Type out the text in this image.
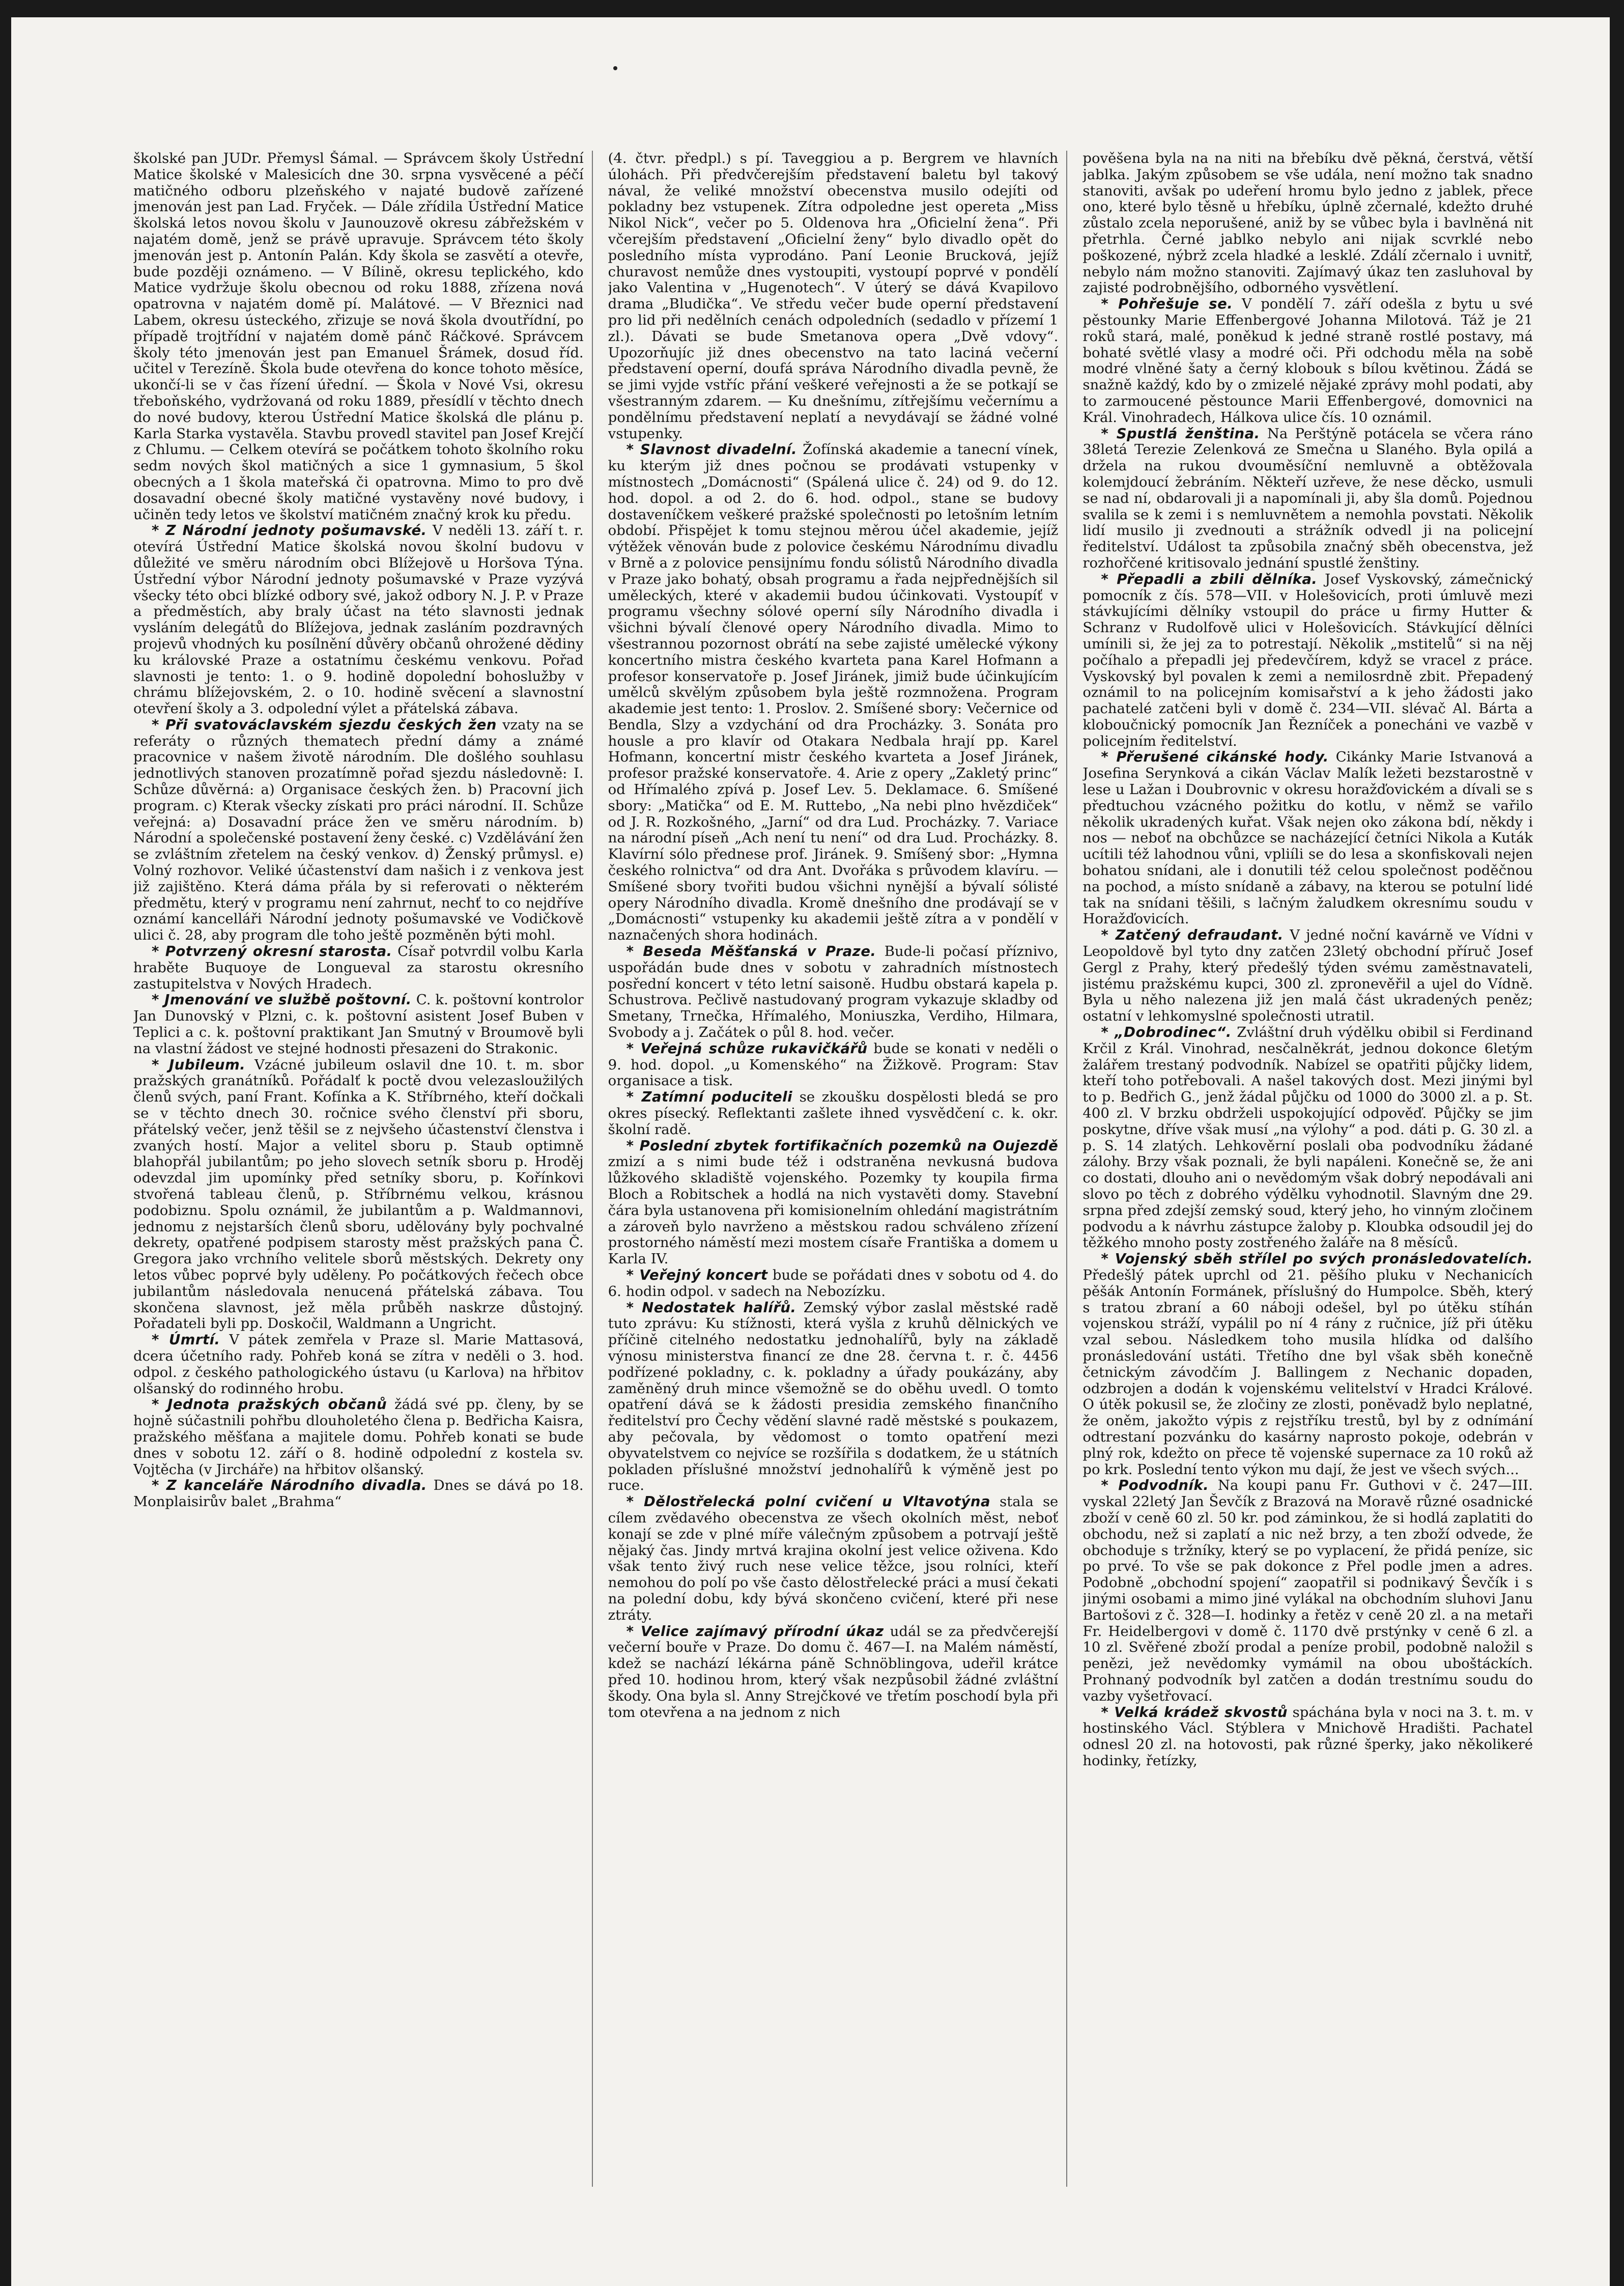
školské pan JUDr. Přemysl Šámal. — Správcem školy Ústřední Matice školské v Malesicích dne 30. srpna vysvěcené a péčí matičného odboru plzeňského v najaté budově zařízené jmenován jest pan Lad. Fryček. — Dále zřídila Ústřední Matice školská letos novou školu v Jaunouzově okresu zábřežském v najatém domě, jenž se právě upravuje. Správcem této školy jmenován jest p. Antonín Palán. Kdy škola se zasvětí a otevře, bude později oznámeno. — V Bílině, okresu teplického, kdo Matice vydržuje školu obecnou od roku 1888, zřízena nová opatrovna v najatém domě pí. Malátové. — V Březnici nad Labem, okresu ústeckého, zřizuje se nová škola dvoutřídní, po případě trojtřídní v najatém domě pánč Ráčkové. Správcem školy této jmenován jest pan Emanuel Šrámek, dosud říd. učitel v Terezíně. Škola bude otevřena do konce tohoto měsíce, ukončí-li se v čas řízení úřední. — Škola v Nové Vsi, okresu třeboňského, vydržovaná od roku 1889, přesídlí v těchto dnech do nové budovy, kterou Ústřední Matice školská dle plánu p. Karla Starka vystavěla. Stavbu provedl stavitel pan Josef Krejčí z Chlumu. — Celkem otevírá se počátkem tohoto školního roku sedm nových škol matičných a sice 1 gymnasium, 5 škol obecných a 1 škola mateřská či opatrovna. Mimo to pro dvě dosavadní obecné školy matičné vystavěny nové budovy, i učiněn tedy letos ve školství matičném značný krok ku předu.

* Z Národní jednoty pošumavské. V neděli 13. září t. r. otevírá Ústřední Matice školská novou školní budovu v důležité ve směru národním obci Blížejově u Horšova Týna. Ústřední výbor Národní jednoty pošumavské v Praze vyzývá všecky této obci blízké odbory své, jakož odbory N. J. P. v Praze a předměstích, aby braly účast na této slavnosti jednak vysláním delegátů do Blížejova, jednak zasláním pozdravných projevů vhodných ku posílnění důvěry občanů ohrožené dědiny ku královské Praze a ostatnímu českému venkovu. Pořad slavnosti je tento: 1. o 9. hodině dopolední bohoslužby v chrámu blížejovském, 2. o 10. hodině svěcení a slavnostní otevření školy a 3. odpolední výlet a přátelská zábava.

* Při svatováclavském sjezdu českých žen vzaty na se referáty o různých thematech přední dámy a známé pracovnice v našem životě národním. Dle došlého souhlasu jednotlivých stanoven prozatímně pořad sjezdu následovně: I. Schůze důvěrná: a) Organisace českých žen. b) Pracovní jich program. c) Kterak všecky získati pro práci národní. II. Schůze veřejná: a) Dosavadní práce žen ve směru národním. b) Národní a společenské postavení ženy české. c) Vzdělávání žen se zvláštním zřetelem na český venkov. d) Ženský průmysl. e) Volný rozhovor. Veliké účastenství dam našich i z venkova jest již zajištěno. Která dáma přála by si referovati o některém předmětu, který v programu není zahrnut, nechť to co nejdříve oznámí kancelláři Národní jednoty pošumavské ve Vodičkově ulici č. 28, aby program dle toho ještě pozměněn býti mohl.

* Potvrzený okresní starosta. Císař potvrdil volbu Karla hraběte Buquoye de Longueval za starostu okresního zastupitelstva v Nových Hradech.

* Jmenování ve službě poštovní. C. k. poštovní kontrolor Jan Dunovský v Plzni, c. k. poštovní asistent Josef Buben v Teplici a c. k. poštovní praktikant Jan Smutný v Broumově byli na vlastní žádost ve stejné hodnosti přesazeni do Strakonic.

* Jubileum. Vzácné jubileum oslavil dne 10. t. m. sbor pražských granátníků. Pořádalť k poctě dvou velezasloužilých členů svých, paní Frant. Kofínka a K. Stříbrného, kteří dočkali se v těchto dnech 30. ročnice svého členství při sboru, přátelský večer, jenž těšil se z nejvšeho účastenství členstva i zvaných hostí. Major a velitel sboru p. Staub optimně blahopřál jubilantům; po jeho slovech setník sboru p. Hroděj odevzdal jim upomínky před setníky sboru, p. Kořínkovi stvořená tableau členů, p. Stříbrnému velkou, krásnou podobiznu. Spolu oznámil, že jubilantům a p. Waldmannovi, jednomu z nejstarších členů sboru, udělovány byly pochvalné dekrety, opatřené podpisem starosty měst pražských pana Č. Gregora jako vrchního velitele sborů městských. Dekrety ony letos vůbec poprvé byly uděleny. Po počátkových řečech obce jubilantům následovala nenucená přátelská zábava. Tou skončena slavnost, jež měla průběh naskrze důstojný. Pořadateli byli pp. Doskočil, Waldmann a Ungricht.

* Úmrtí. V pátek zemřela v Praze sl. Marie Mattasová, dcera účetního rady. Pohřeb koná se zítra v neděli o 3. hod. odpol. z českého pathologického ústavu (u Karlova) na hřbitov olšanský do rodinného hrobu.

* Jednota pražských občanů žádá své pp. členy, by se hojně súčastnili pohřbu dlouholetého člena p. Bedřicha Kaisra, pražského měšťana a majitele domu. Pohřeb konati se bude dnes v sobotu 12. září o 8. hodině odpolední z kostela sv. Vojtěcha (v Jircháře) na hřbitov olšanský.

* Z kanceláře Národního divadla. Dnes se dává po 18. Monplaisirův balet „Brahma“

(4. čtvr. předpl.) s pí. Taveggiou a p. Bergrem ve hlavních úlohách. Při předvčerejším představení baletu byl takový nával, že veliké množství obecenstva musilo odejíti od pokladny bez vstupenek. Zítra odpoledne jest opereta „Miss Nikol Nick“, večer po 5. Oldenova hra „Oficielní žena“. Při včerejším představení „Oficielní ženy“ bylo divadlo opět do posledního místa vyprodáno. Paní Leonie Brucková, jejíž churavost nemůže dnes vystoupiti, vystoupí poprvé v pondělí jako Valentina v „Hugenotech“. V úterý se dává Kvapilovo drama „Bludička“. Ve středu večer bude operní představení pro lid při nedělních cenách odpoledních (sedadlo v přízemí 1 zl.). Dávati se bude Smetanova opera „Dvě vdovy“. Upozorňujíc již dnes obecenstvo na tato laciná večerní představení operní, doufá správa Národního divadla pevně, že se jimi vyjde vstříc přání veškeré veřejnosti a že se potkají se všestranným zdarem. — Ku dnešnímu, zítřejšímu večernímu a pondělnímu představení neplatí a nevydávají se žádné volné vstupenky.

* Slavnost divadelní. Žofínská akademie a tanecní vínek, ku kterým již dnes počnou se prodávati vstupenky v místnostech „Domácnosti“ (Spálená ulice č. 24) od 9. do 12. hod. dopol. a od 2. do 6. hod. odpol., stane se budovy dostaveníčkem veškeré pražské společnosti po letošním letním období. Přispějet k tomu stejnou měrou účel akademie, jejíž výtěžek věnován bude z polovice českému Národnímu divadlu v Brně a z polovice pensijnímu fondu sólistů Národního divadla v Praze jako bohatý, obsah programu a řada nejpřednějších sil uměleckých, které v akademii budou účinkovati. Vystoupíť v programu všechny sólové operní síly Národního divadla i všichni bývalí členové opery Národního divadla. Mimo to všestrannou pozornost obrátí na sebe zajisté umělecké výkony koncertního mistra českého kvarteta pana Karel Hofmann a profesor konservatoře p. Josef Jiránek, jimiž bude účinkujícím umělců skvělým způsobem byla ještě rozmnožena. Program akademie jest tento: 1. Proslov. 2. Smíšené sbory: Večernice od Bendla, Slzy a vzdychání od dra Procházky. 3. Sonáta pro housle a pro klavír od Otakara Nedbala hrají pp. Karel Hofmann, koncertní mistr českého kvarteta a Josef Jiránek, profesor pražské konservatoře. 4. Arie z opery „Zakletý princ“ od Hřímalého zpívá p. Josef Lev. 5. Deklamace. 6. Smíšené sbory: „Matička“ od E. M. Ruttebo, „Na nebi plno hvězdiček“ od J. R. Rozkošného, „Jarní“ od dra Lud. Procházky. 7. Variace na národní píseň „Ach není tu není“ od dra Lud. Procházky. 8. Klavírní sólo přednese prof. Jiránek. 9. Smíšený sbor: „Hymna českého rolnictva“ od dra Ant. Dvořáka s průvodem klavíru. — Smíšené sbory tvořiti budou všichni nynější a bývalí sólisté opery Národního divadla. Kromě dnešního dne prodávají se v „Domácnosti“ vstupenky ku akademii ještě zítra a v pondělí v naznačených shora hodinách.

* Beseda Měšťanská v Praze. Bude-li počasí příznivo, uspořádán bude dnes v sobotu v zahradních místnostech posřední koncert v této letní saisoně. Hudbu obstará kapela p. Schustrova. Pečlivě nastudovaný program vykazuje skladby od Smetany, Trnečka, Hřímalého, Moniuszka, Verdiho, Hilmara, Svobody a j. Začátek o půl 8. hod. večer.

* Veřejná schůze rukavičkářů bude se konati v neděli o 9. hod. dopol. „u Komenského“ na Žižkově. Program: Stav organisace a tisk.

* Zatímní poduciteli se zkoušku dospělosti bledá se pro okres písecký. Reflektanti zašlete ihned vysvědčení c. k. okr. školní radě.

* Poslední zbytek fortifikačních pozemků na Oujezdě zmizí a s nimi bude též i odstraněna nevkusná budova lůžkového skladiště vojenského. Pozemky ty koupila firma Bloch a Robitschek a hodlá na nich vystavěti domy. Stavební čára byla ustanovena při komisionelním ohledání magistrátním a zároveň bylo navrženo a městskou radou schváleno zřízení prostorného náměstí mezi mostem císaře Františka a domem u Karla IV.

* Veřejný koncert bude se pořádati dnes v sobotu od 4. do 6. hodin odpol. v sadech na Nebozízku.

* Nedostatek halířů. Zemský výbor zaslal městské radě tuto zprávu: Ku stížnosti, která vyšla z kruhů dělnických ve příčině citelného nedostatku jednohalířů, byly na základě výnosu ministerstva financí ze dne 28. června t. r. č. 4456 podřízené pokladny, c. k. pokladny a úřady poukázány, aby zaměněný druh mince všemožně se do oběhu uvedl. O tomto opatření dává se k žádosti presidia zemského finančního ředitelství pro Čechy vědění slavné radě městské s poukazem, aby pečovala, by vědomost o tomto opatření mezi obyvatelstvem co nejvíce se rozšířila s dodatkem, že u státních pokladen příslušné množství jednohalířů k výměně jest po ruce.

* Dělostřelecká polní cvičení u Vltavotýna stala se cílem zvědavého obecenstva ze všech okolních měst, neboť konají se zde v plné míře válečným způsobem a potrvají ještě nějaký čas. Jindy mrtvá krajina okolní jest velice oživena. Kdo však tento živý ruch nese velice těžce, jsou rolníci, kteří nemohou do polí po vše často dělostřelecké práci a musí čekati na polední dobu, kdy bývá skončeno cvičení, které při nese ztráty.

* Velice zajímavý přírodní úkaz udál se za předvčerejší večerní bouře v Praze. Do domu č. 467—I. na Malém náměstí, kdež se nachází lékárna páně Schnöblingova, udeřil krátce před 10. hodinou hrom, který však nezpůsobil žádné zvláštní škody. Ona byla sl. Anny Strejčkové ve třetím poschodí byla při tom otevřena a na jednom z nich

pověšena byla na na niti na břebíku dvě pěkná, čerstvá, větší jablka. Jakým způsobem se vše udála, není možno tak snadno stanoviti, avšak po udeření hromu bylo jedno z jablek, přece ono, které bylo těsně u hřebíku, úplně zčernalé, kdežto druhé zůstalo zcela neporušené, aniž by se vůbec byla i bavlněná nit přetrhla. Černé jablko nebylo ani nijak scvrklé nebo poškozené, nýbrž zcela hladké a lesklé. Zdálí zčernalo i uvnitř, nebylo nám možno stanoviti. Zajímavý úkaz ten zasluhoval by zajisté podrobnějšího, odborného vysvětlení.

* Pohřešuje se. V pondělí 7. září odešla z bytu u své pěstounky Marie Effenbergové Johanna Milotová. Táž je 21 roků stará, malé, poněkud k jedné straně rostlé postavy, má bohaté světlé vlasy a modré oči. Při odchodu měla na sobě modré vlněné šaty a černý klobouk s bílou květinou. Žádá se snažně každý, kdo by o zmizelé nějaké zprávy mohl podati, aby to zarmoucené pěstounce Marii Effenbergové, domovnici na Král. Vinohradech, Hálkova ulice čís. 10 oznámil.

* Spustlá ženština. Na Perštýně potácela se včera ráno 38letá Terezie Zelenková ze Smečna u Slaného. Byla opilá a držela na rukou dvouměsíční nemluvně a obtěžovala kolemjdoucí žebráním. Někteří uzřeve, že nese děcko, usmuli se nad ní, obdarovali ji a napomínali ji, aby šla domů. Pojednou svalila se k zemi i s nemluvnětem a nemohla povstati. Několik lidí musilo ji zvednouti a strážník odvedl ji na policejní ředitelství. Událost ta způsobila značný sběh obecenstva, jež rozhořčené kritisovalo jednání spustlé ženštiny.

* Přepadli a zbili dělníka. Josef Vyskovský, zámečnický pomocník z čís. 578—VII. v Holešovicích, proti úmluvě mezi stávkujícími dělníky vstoupil do práce u firmy Hutter & Schranz v Rudolfově ulici v Holešovicích. Stávkující dělníci umínili si, že jej za to potrestají. Několik „mstitelů“ si na něj počíhalo a přepadli jej předevčírem, když se vracel z práce. Vyskovský byl povalen k zemi a nemilosrdně zbit. Přepadený oznámil to na policejním komisařství a k jeho žádosti jako pachatelé zatčeni byli v domě č. 234—VII. slévač Al. Bárta a kloboučnický pomocník Jan Řezníček a ponecháni ve vazbě v policejním ředitelství.

* Přerušené cikánské hody. Cikánky Marie Istvanová a Josefina Serynková a cikán Václav Malík ležeti bezstarostně v lese u Lažan i Doubrovnic v okresu horažďovickém a dívali se s předtuchou vzácného požitku do kotlu, v němž se vařilo několik ukradených kuřat. Však nejen oko zákona bdí, někdy i nos — neboť na obchůzce se nacházející četníci Nikola a Kuták ucítili též lahodnou vůni, vpliíli se do lesa a skonfiskovali nejen bohatou snídani, ale i donutili též celou společnost poděčnou na pochod, a místo snídaně a zábavy, na kterou se potulní lidé tak na snídani těšili, s lačným žaludkem okresnímu soudu v Horažďovicích.

* Zatčený defraudant. V jedné noční kavárně ve Vídni v Leopoldově byl tyto dny zatčen 23letý obchodní příruč Josef Gergl z Prahy, který předešlý týden svému zaměstnavateli, jistému pražskému kupci, 300 zl. zpronevěřil a ujel do Vídně. Byla u něho nalezena již jen malá část ukradených peněz; ostatní v lehkomyslné společnosti utratil.

* „Dobrodinec“. Zvláštní druh výdělku obibil si Ferdinand Krčil z Král. Vinohrad, nesčalněkrát, jednou dokonce 6letým žalářem trestaný podvodník. Nabízel se opatřiti půjčky lidem, kteří toho potřebovali. A našel takových dost. Mezi jinými byl to p. Bedřich G., jenž žádal půjčku od 1000 do 3000 zl. a p. St. 400 zl. V brzku obdrželi uspokojující odpověď. Půjčky se jim poskytne, dříve však musí „na výlohy“ a pod. dáti p. G. 30 zl. a p. S. 14 zlatých. Lehkověrní poslali oba podvodníku žádané zálohy. Brzy však poznali, že byli napáleni. Konečně se, že ani co dostati, dlouho ani o nevědomým však dobrý nepodávali ani slovo po těch z dobrého výdělku vyhodnotil. Slavným dne 29. srpna před zdejší zemský soud, který jeho, ho vinným zločinem podvodu a k návrhu zástupce žaloby p. Kloubka odsoudil jej do těžkého mnoho posty zostřeného žaláře na 8 měsíců.

* Vojenský sběh střílel po svých pronásledovatelích. Předešlý pátek uprchl od 21. pěšího pluku v Nechanicích pěšák Antonín Formánek, příslušný do Humpolce. Sběh, který s tratou zbraní a 60 náboji odešel, byl po útěku stíhán vojenskou stráží, vypálil po ní 4 rány z ručnice, jíž při útěku vzal sebou. Následkem toho musila hlídka od dalšího pronásledování ustáti. Třetího dne byl však sběh konečně četnickým závodčím J. Ballingem z Nechanic dopaden, odzbrojen a dodán k vojenskému velitelství v Hradci Králové. O útěk pokusil se, že zločiny ze zlosti, poněvadž bylo neplatné, že oněm, jakožto výpis z rejstříku trestů, byl by z odnímání odtrestaní pozvánku do kasárny naprosto pokoje, odebrán v plný rok, kdežto on přece tě vojenské supernace za 10 roků až po krk. Poslední tento výkon mu dají, že jest ve všech svých...

* Podvodník. Na koupi panu Fr. Guthovi v č. 247—III. vyskal 22letý Jan Ševčík z Brazová na Moravě různé osadnické zboží v ceně 60 zl. 50 kr. pod záminkou, že si hodlá zaplatiti do obchodu, než si zaplatí a nic než brzy, a ten zboží odvede, že obchoduje s tržníky, který se po vyplacení, že přidá peníze, sic po prvé. To vše se pak dokonce z Přel podle jmen a adres. Podobně „obchodní spojení“ zaopatřil si podnikavý Ševčík i s jinými osobami a mimo jiné vylákal na obchodním sluhovi Janu Bartošovi z č. 328—I. hodinky a řetěz v ceně 20 zl. a na metaři Fr. Heidelbergovi v domě č. 1170 dvě prstýnky v ceně 6 zl. a 10 zl. Svěřené zboží prodal a peníze probil, podobně naložil s penězi, jež nevědomky vymámil na obou uboštáckích. Prohnaný podvodník byl zatčen a dodán trestnímu soudu do vazby vyšetřovací.

* Velká krádež skvostů spáchána byla v noci na 3. t. m. v hostinského Václ. Stýblera v Mnichově Hradišti. Pachatel odnesl 20 zl. na hotovosti, pak různé šperky, jako několikeré hodinky, řetízky,
